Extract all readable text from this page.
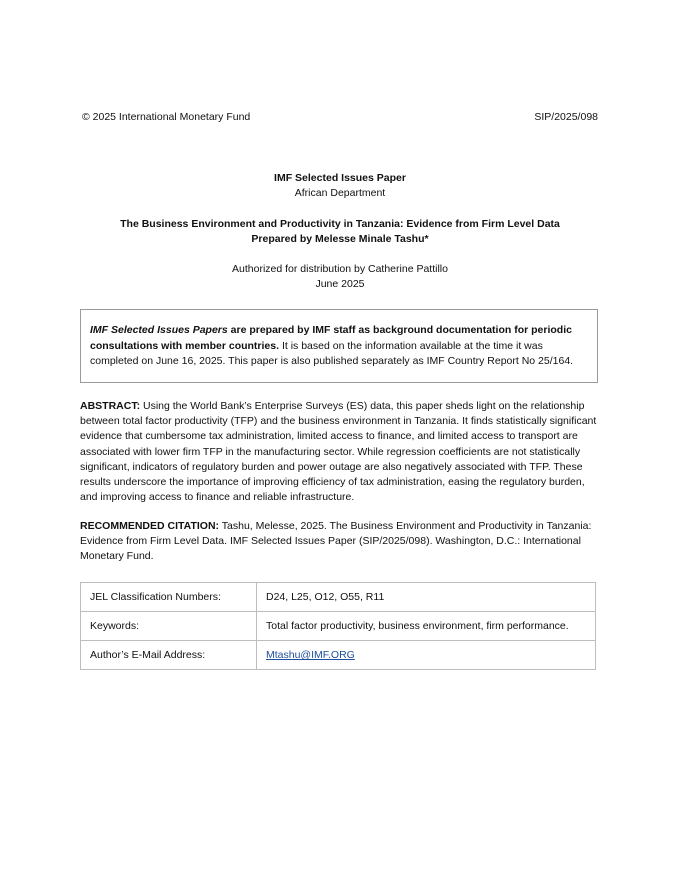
© 2025 International Monetary Fund	SIP/2025/098
IMF Selected Issues Paper
African Department
The Business Environment and Productivity in Tanzania: Evidence from Firm Level Data
Prepared by Melesse Minale Tashu*
Authorized for distribution by Catherine Pattillo
June 2025
IMF Selected Issues Papers are prepared by IMF staff as background documentation for periodic consultations with member countries. It is based on the information available at the time it was completed on June 16, 2025. This paper is also published separately as IMF Country Report No 25/164.
ABSTRACT: Using the World Bank’s Enterprise Surveys (ES) data, this paper sheds light on the relationship between total factor productivity (TFP) and the business environment in Tanzania. It finds statistically significant evidence that cumbersome tax administration, limited access to finance, and limited access to transport are associated with lower firm TFP in the manufacturing sector. While regression coefficients are not statistically significant, indicators of regulatory burden and power outage are also negatively associated with TFP. These results underscore the importance of improving efficiency of tax administration, easing the regulatory burden, and improving access to finance and reliable infrastructure.
RECOMMENDED CITATION: Tashu, Melesse, 2025. The Business Environment and Productivity in Tanzania: Evidence from Firm Level Data. IMF Selected Issues Paper (SIP/2025/098). Washington, D.C.: International Monetary Fund.
JEL Classification Numbers:	D24, L25, O12, O55, R11
Keywords:	Total factor productivity, business environment, firm performance.
Author’s E-Mail Address:	Mtashu@IMF.ORG
